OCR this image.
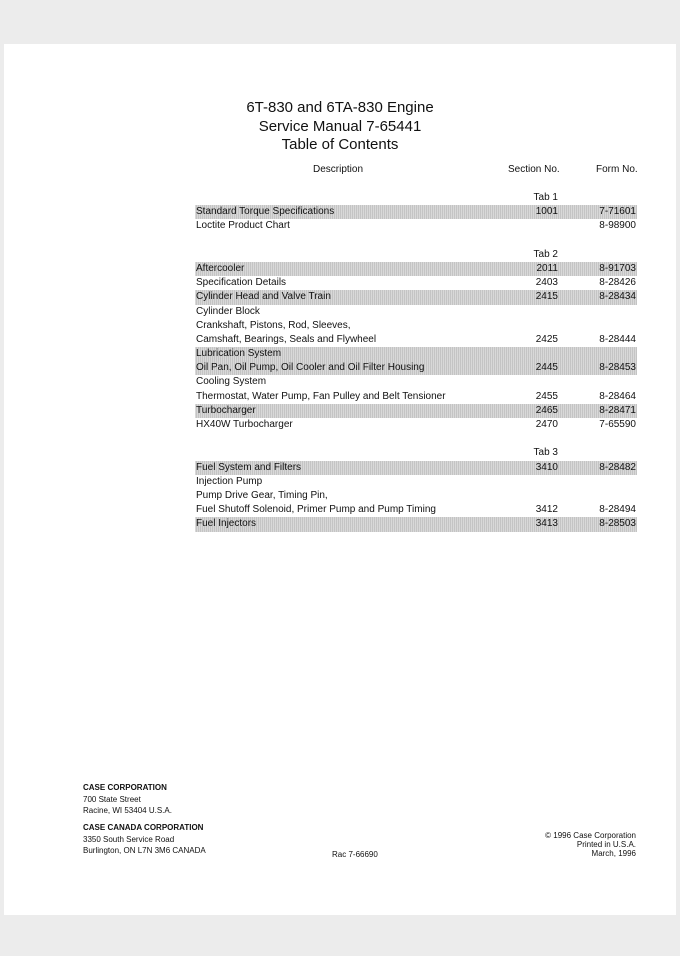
6T-830 and 6TA-830 Engine
Service Manual 7-65441
Table of Contents
Description	Section No.	Form No.
Tab 1
Standard Torque Specifications	1001	7-71601
Loctite Product Chart	8-98900
Tab 2
Aftercooler	2011	8-91703
Specification Details	2403	8-28426
Cylinder Head and Valve Train	2415	8-28434
Cylinder Block
Crankshaft, Pistons, Rod, Sleeves,
Camshaft, Bearings, Seals and Flywheel	2425	8-28444
Lubrication System
Oil Pan, Oil Pump, Oil Cooler and Oil Filter Housing	2445	8-28453
Cooling System
Thermostat, Water Pump, Fan Pulley and Belt Tensioner	2455	8-28464
Turbocharger	2465	8-28471
HX40W Turbocharger	2470	7-65590
Tab 3
Fuel System and Filters	3410	8-28482
Injection Pump
Pump Drive Gear, Timing Pin,
Fuel Shutoff Solenoid, Primer Pump and Pump Timing	3412	8-28494
Fuel Injectors	3413	8-28503
CASE CORPORATION
700 State Street
Racine, WI 53404 U.S.A.
CASE CANADA CORPORATION
3350 South Service Road
Burlington, ON L7N 3M6 CANADA	Rac 7-66690
© 1996 Case Corporation
Printed in U.S.A.
March, 1996
